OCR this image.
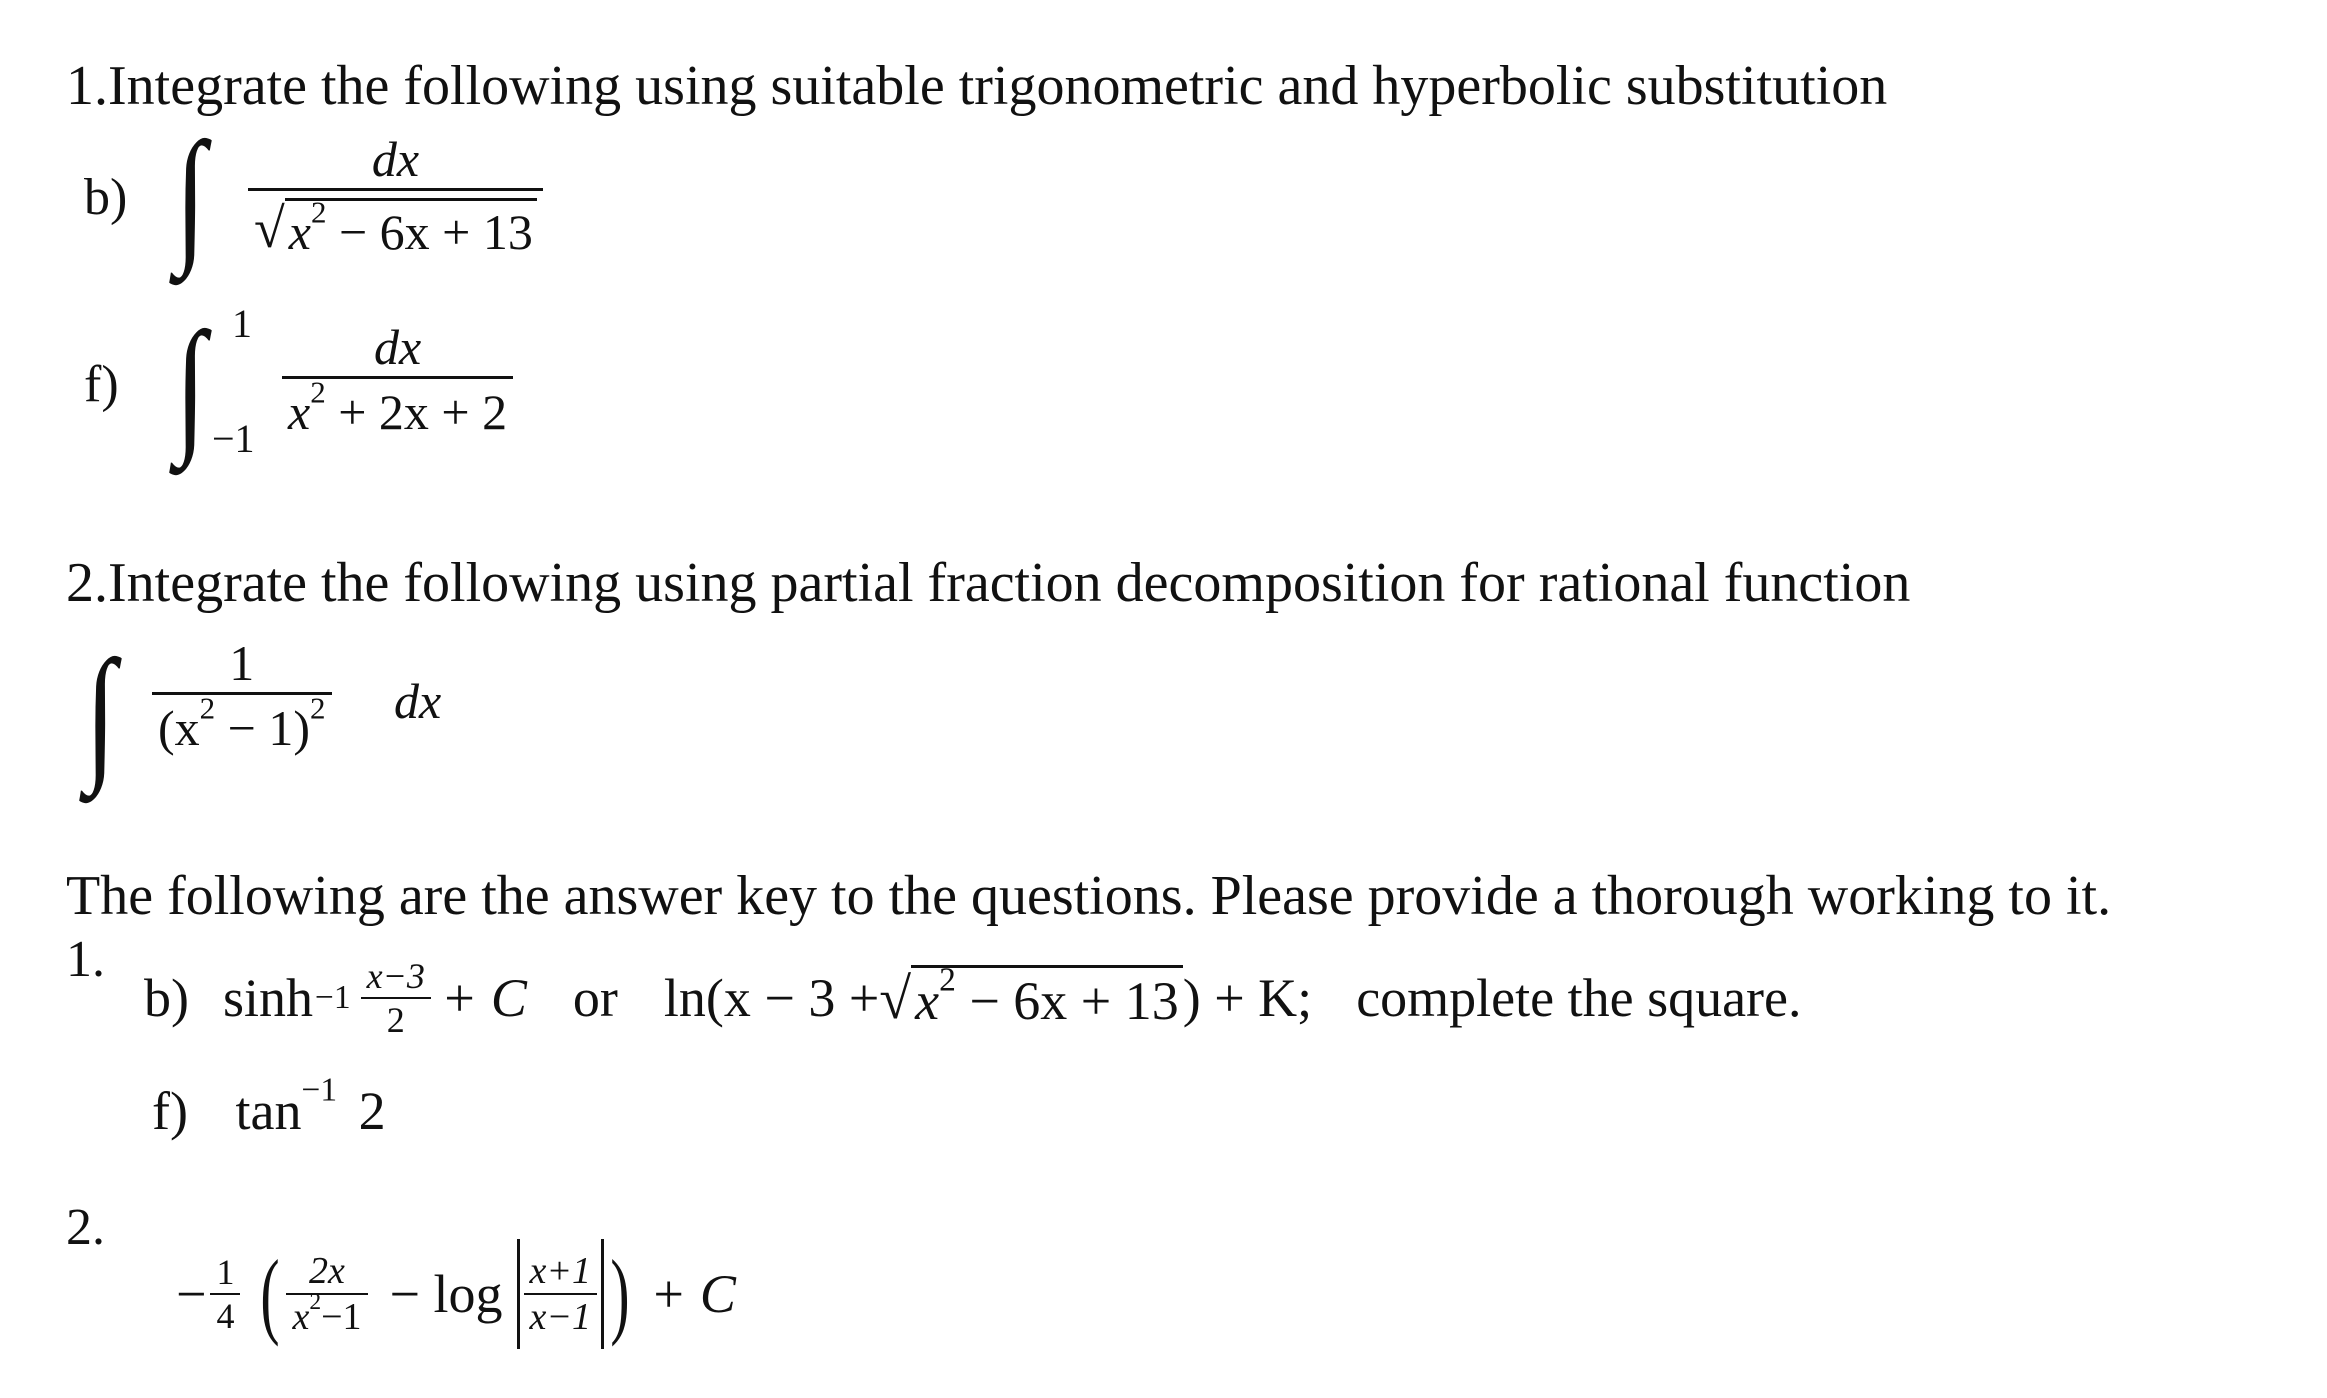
1.Integrate the following using suitable trigonometric and hyperbolic substitution
b) ∫ $\frac{dx}{√ x^2 - 6x + 13}$
f) ∫ 1
$-1 \frac{dx}{x^2 + 2x + 2}$
2.Integrate the following using partial fraction decomposition for rational function
∫ $\frac{1}{(x^2 - 1)^2}$ dx
The following are the answer key to the questions. Please provide a thorough working to it.
1.
b) $\sinh -1 \frac{x-3}{2} + C$ or ln(x − 3 + √ $x^2 - 6x + 13$ ) + K; complete the square.
f) $\tan^{-1} 2$
2.
− $\frac{1}{4}$ ( $\frac{2x}{x^2-1} - \log \frac{x+1}{x-1}$ ) + C
